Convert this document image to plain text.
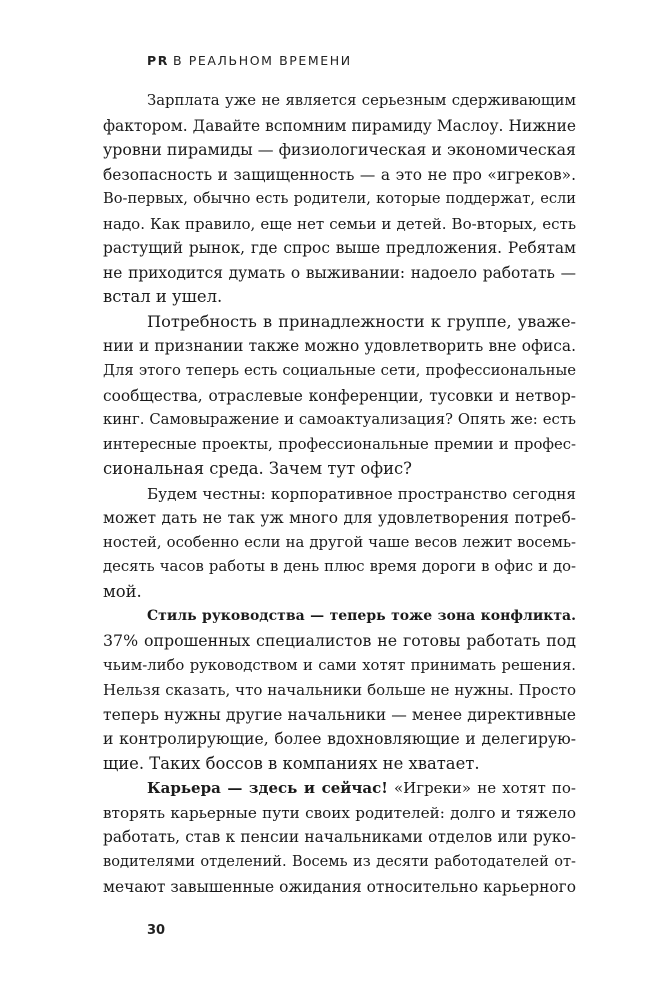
PR В РЕАЛЬНОМ ВРЕМЕНИ
Зарплата уже не является серьезным сдерживающим
фактором. Давайте вспомним пирамиду Маслоу. Нижние
уровни пирамиды — физиологическая и экономическая
безопасность и защищенность — а это не про «игреков».
Во-первых, обычно есть родители, которые поддержат, если
надо. Как правило, еще нет семьи и детей. Во-вторых, есть
растущий рынок, где спрос выше предложения. Ребятам
не приходится думать о выживании: надоело работать —
встал и ушел.
Потребность в принадлежности к группе, уваже-
нии и признании также можно удовлетворить вне офиса.
Для этого теперь есть социальные сети, профессиональные
сообщества, отраслевые конференции, тусовки и нетвор-
кинг. Самовыражение и самоактуализация? Опять же: есть
интересные проекты, профессиональные премии и профес-
сиональная среда. Зачем тут офис?
Будем честны: корпоративное пространство сегодня
может дать не так уж много для удовлетворения потреб-
ностей, особенно если на другой чаше весов лежит восемь-
десять часов работы в день плюс время дороги в офис и до-
мой.
Стиль руководства — теперь тоже зона конфликта.
37% опрошенных специалистов не готовы работать под
чьим-либо руководством и сами хотят принимать решения.
Нельзя сказать, что начальники больше не нужны. Просто
теперь нужны другие начальники — менее директивные
и контролирующие, более вдохновляющие и делегирую-
щие. Таких боссов в компаниях не хватает.
Карьера — здесь и сейчас! «Игреки» не хотят по-
вторять карьерные пути своих родителей: долго и тяжело
работать, став к пенсии начальниками отделов или руко-
водителями отделений. Восемь из десяти работодателей от-
мечают завышенные ожидания относительно карьерного
30
